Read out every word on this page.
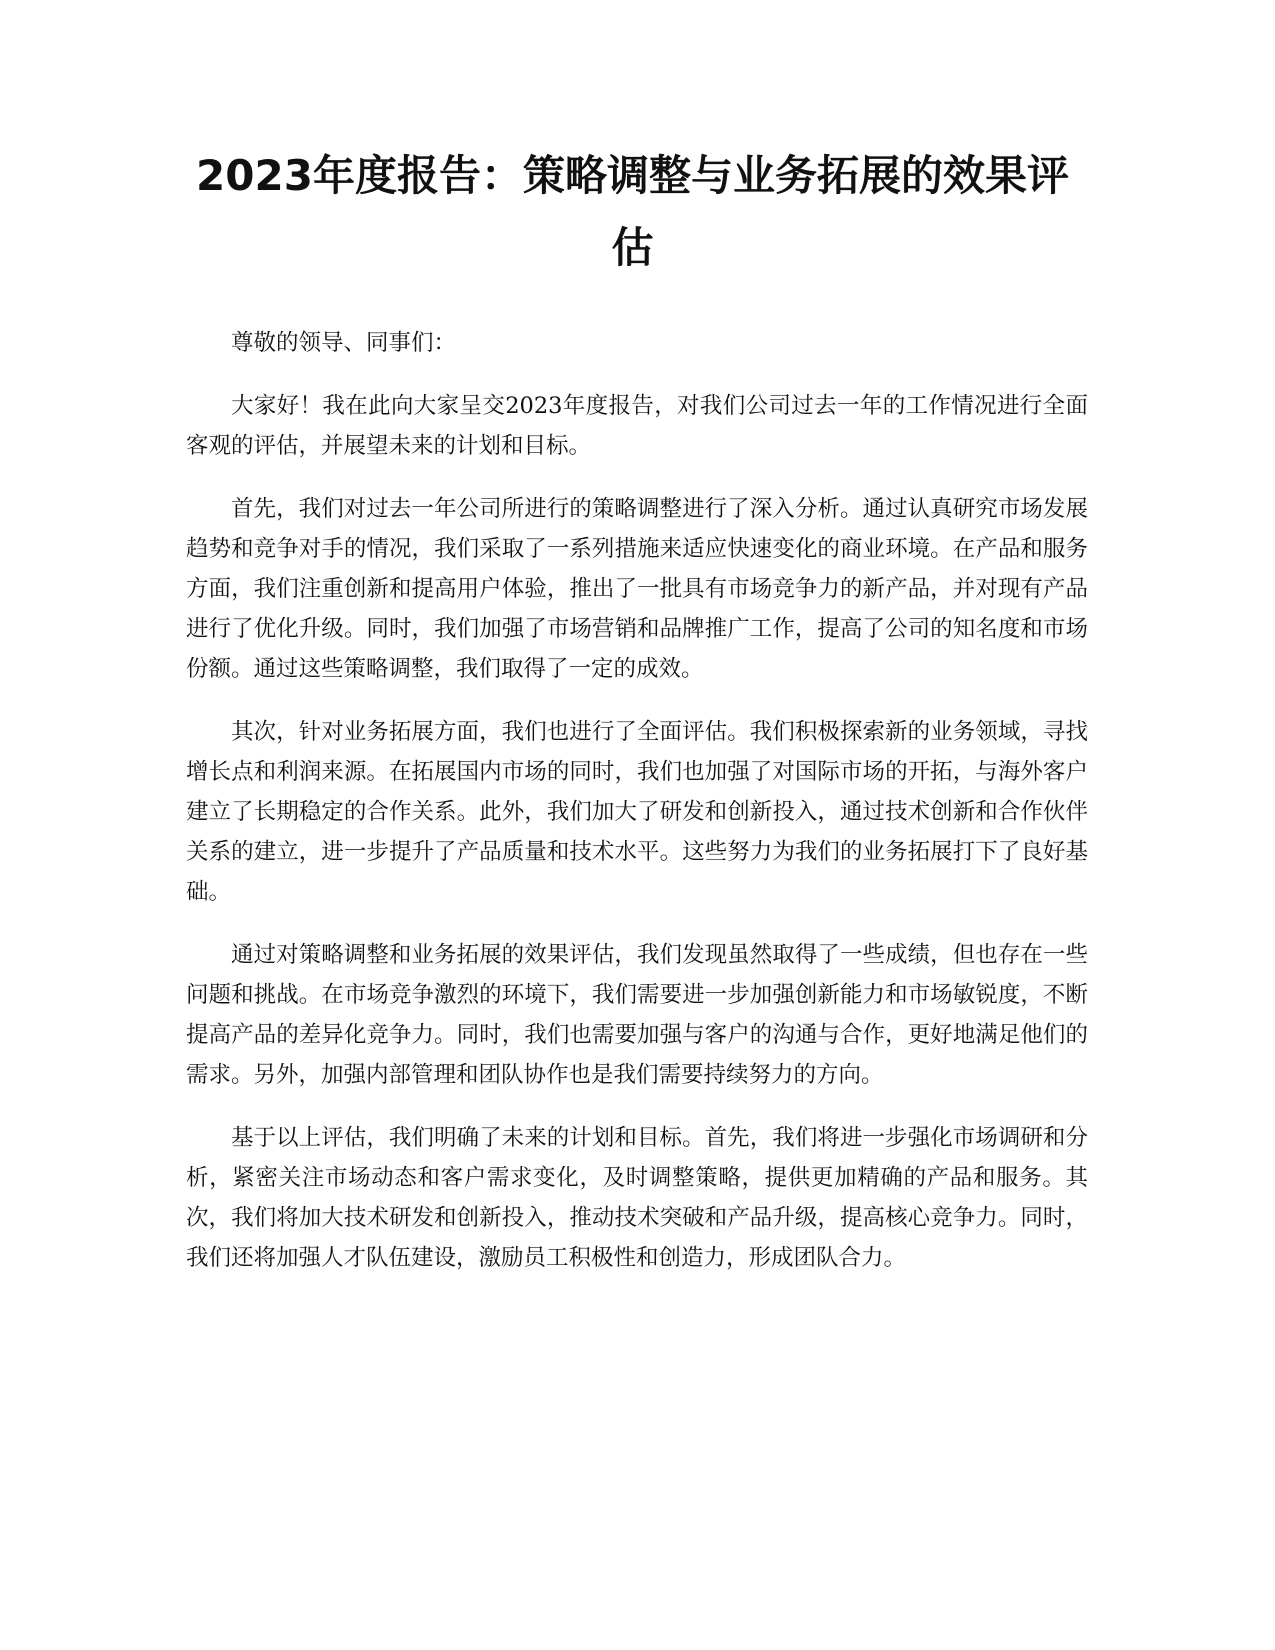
2023年度报告：策略调整与业务拓展的效果评估

尊敬的领导、同事们：

大家好！我在此向大家呈交2023年度报告，对我们公司过去一年的工作情况进行全面客观的评估，并展望未来的计划和目标。

首先，我们对过去一年公司所进行的策略调整进行了深入分析。通过认真研究市场发展趋势和竞争对手的情况，我们采取了一系列措施来适应快速变化的商业环境。在产品和服务方面，我们注重创新和提高用户体验，推出了一批具有市场竞争力的新产品，并对现有产品进行了优化升级。同时，我们加强了市场营销和品牌推广工作，提高了公司的知名度和市场份额。通过这些策略调整，我们取得了一定的成效。

其次，针对业务拓展方面，我们也进行了全面评估。我们积极探索新的业务领域，寻找增长点和利润来源。在拓展国内市场的同时，我们也加强了对国际市场的开拓，与海外客户建立了长期稳定的合作关系。此外，我们加大了研发和创新投入，通过技术创新和合作伙伴关系的建立，进一步提升了产品质量和技术水平。这些努力为我们的业务拓展打下了良好基础。

通过对策略调整和业务拓展的效果评估，我们发现虽然取得了一些成绩，但也存在一些问题和挑战。在市场竞争激烈的环境下，我们需要进一步加强创新能力和市场敏锐度，不断提高产品的差异化竞争力。同时，我们也需要加强与客户的沟通与合作，更好地满足他们的需求。另外，加强内部管理和团队协作也是我们需要持续努力的方向。

基于以上评估，我们明确了未来的计划和目标。首先，我们将进一步强化市场调研和分析，紧密关注市场动态和客户需求变化，及时调整策略，提供更加精确的产品和服务。其次，我们将加大技术研发和创新投入，推动技术突破和产品升级，提高核心竞争力。同时，我们还将加强人才队伍建设，激励员工积极性和创造力，形成团队合力。
